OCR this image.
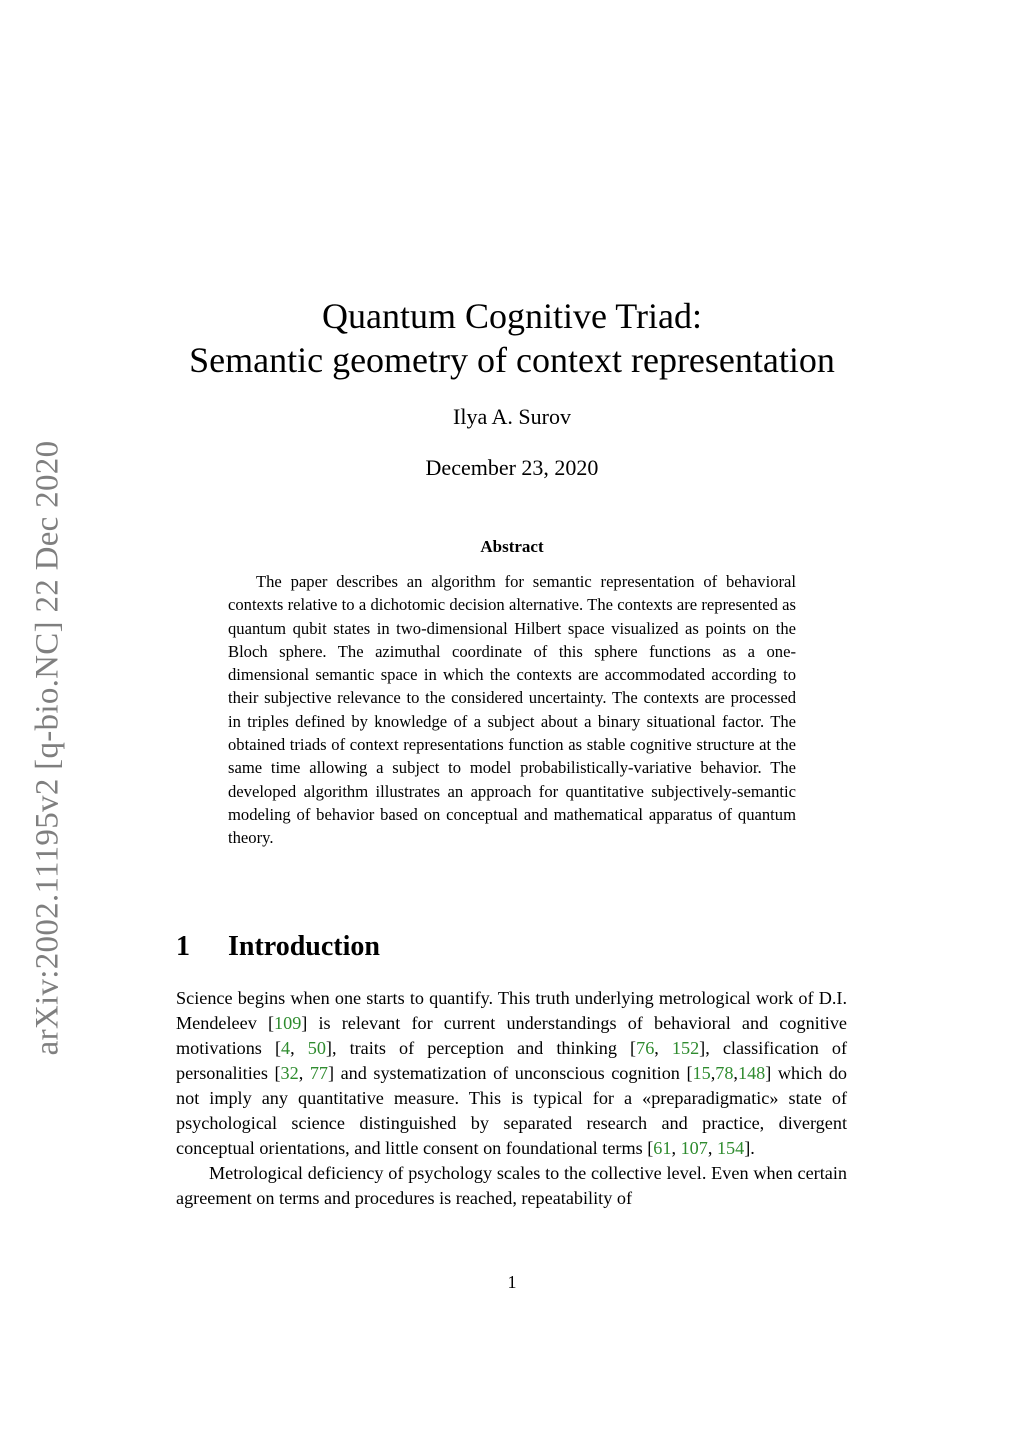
arXiv:2002.11195v2 [q-bio.NC] 22 Dec 2020
Quantum Cognitive Triad:
Semantic geometry of context representation
Ilya A. Surov
December 23, 2020
Abstract
The paper describes an algorithm for semantic representation of behavioral contexts relative to a dichotomic decision alternative. The contexts are represented as quantum qubit states in two-dimensional Hilbert space visualized as points on the Bloch sphere. The azimuthal coordinate of this sphere functions as a one-dimensional semantic space in which the contexts are accommodated according to their subjective relevance to the considered uncertainty. The contexts are processed in triples defined by knowledge of a subject about a binary situational factor. The obtained triads of context representations function as stable cognitive structure at the same time allowing a subject to model probabilistically-variative behavior. The developed algorithm illustrates an approach for quantitative subjectively-semantic modeling of behavior based on conceptual and mathematical apparatus of quantum theory.
1 Introduction

Science begins when one starts to quantify. This truth underlying metrological work of D.I. Mendeleev [109] is relevant for current understandings of behavioral and cognitive motivations [4, 50], traits of perception and thinking [76, 152], classification of personalities [32, 77] and systematization of unconscious cognition [15,78,148] which do not imply any quantitative measure. This is typical for a «preparadigmatic» state of psychological science distinguished by separated research and practice, divergent conceptual orientations, and little consent on foundational terms [61, 107, 154].

Metrological deficiency of psychology scales to the collective level. Even when certain agreement on terms and procedures is reached, repeatability of

1
